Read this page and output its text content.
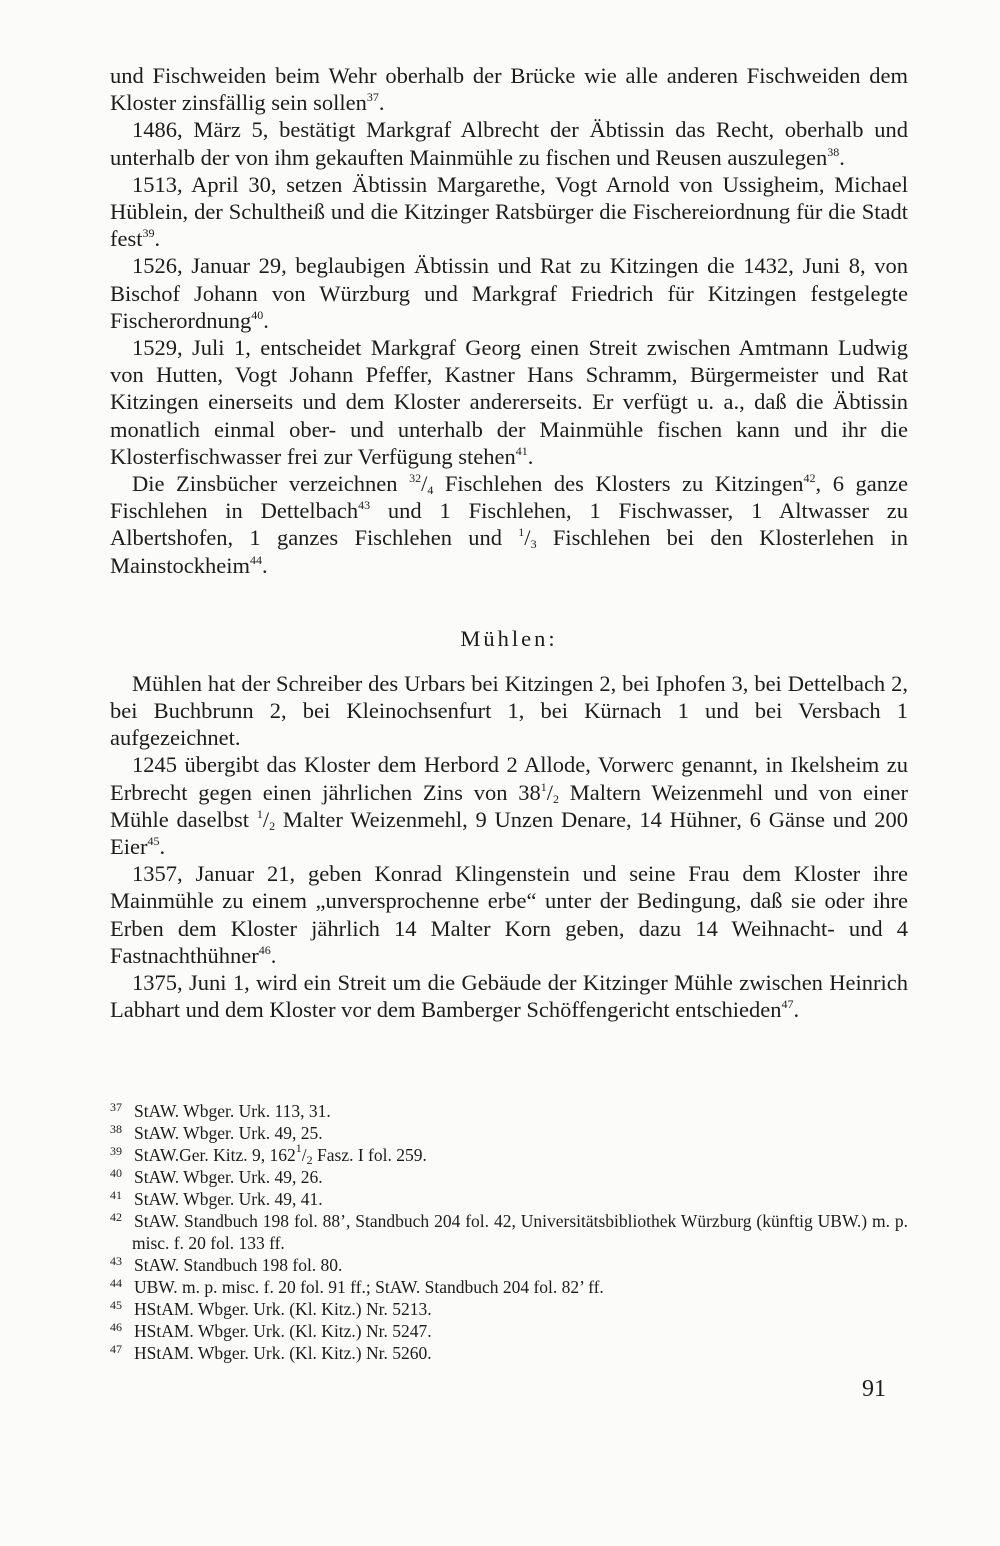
und Fischweiden beim Wehr oberhalb der Brücke wie alle anderen Fischweiden dem Kloster zinsfällig sein sollen$^{37}$.

1486, März 5, bestätigt Markgraf Albrecht der Äbtissin das Recht, oberhalb und unterhalb der von ihm gekauften Mainmühle zu fischen und Reusen auszulegen$^{38}$.

1513, April 30, setzen Äbtissin Margarethe, Vogt Arnold von Ussigheim, Michael Hüblein, der Schultheiß und die Kitzinger Ratsbürger die Fischereiordnung für die Stadt fest$^{39}$.

1526, Januar 29, beglaubigen Äbtissin und Rat zu Kitzingen die 1432, Juni 8, von Bischof Johann von Würzburg und Markgraf Friedrich für Kitzingen festgelegte Fischerordnung$^{40}$.

1529, Juli 1, entscheidet Markgraf Georg einen Streit zwischen Amtmann Ludwig von Hutten, Vogt Johann Pfeffer, Kastner Hans Schramm, Bürgermeister und Rat Kitzingen einerseits und dem Kloster andererseits. Er verfügt u. a., daß die Äbtissin monatlich einmal ober- und unterhalb der Mainmühle fischen kann und ihr die Klosterfischwasser frei zur Verfügung stehen$^{41}$.

Die Zinsbücher verzeichnen $^{32}/_4$ Fischlehen des Klosters zu Kitzingen$^{42}$, 6 ganze Fischlehen in Dettelbach$^{43}$ und 1 Fischlehen, 1 Fischwasser, 1 Altwasser zu Albertshofen, 1 ganzes Fischlehen und $^1/_3$ Fischlehen bei den Klosterlehen in Mainstockheim$^{44}$.

Mühlen:

Mühlen hat der Schreiber des Urbars bei Kitzingen 2, bei Iphofen 3, bei Dettelbach 2, bei Buchbrunn 2, bei Kleinochsenfurt 1, bei Kürnach 1 und bei Versbach 1 aufgezeichnet.

1245 übergibt das Kloster dem Herbord 2 Allode, Vorwerc genannt, in Ikelsheim zu Erbrecht gegen einen jährlichen Zins von $38^1/_2$ Maltern Weizenmehl und von einer Mühle daselbst $^1/_2$ Malter Weizenmehl, 9 Unzen Denare, 14 Hühner, 6 Gänse und 200 Eier$^{45}$.

1357, Januar 21, geben Konrad Klingenstein und seine Frau dem Kloster ihre Mainmühle zu einem „unversprochenne erbe“ unter der Bedingung, daß sie oder ihre Erben dem Kloster jährlich 14 Malter Korn geben, dazu 14 Weihnacht- und 4 Fastnachthühner$^{46}$.

1375, Juni 1, wird ein Streit um die Gebäude der Kitzinger Mühle zwischen Heinrich Labhart und dem Kloster vor dem Bamberger Schöffengericht entschieden$^{47}$.

37 StAW. Wbger. Urk. 113, 31.

38 StAW. Wbger. Urk. 49, 25.

39 StAW.Ger. Kitz. 9, $162^1/_2$ Fasz. I fol. 259.

40 StAW. Wbger. Urk. 49, 26.

41 StAW. Wbger. Urk. 49, 41.

42 StAW. Standbuch 198 fol. 88’, Standbuch 204 fol. 42, Universitätsbibliothek Würzburg (künftig UBW.) m. p. misc. f. 20 fol. 133 ff.

43 StAW. Standbuch 198 fol. 80.

44 UBW. m. p. misc. f. 20 fol. 91 ff.; StAW. Standbuch 204 fol. 82’ ff.

45 HStAM. Wbger. Urk. (Kl. Kitz.) Nr. 5213.

46 HStAM. Wbger. Urk. (Kl. Kitz.) Nr. 5247.

47 HStAM. Wbger. Urk. (Kl. Kitz.) Nr. 5260.

91
